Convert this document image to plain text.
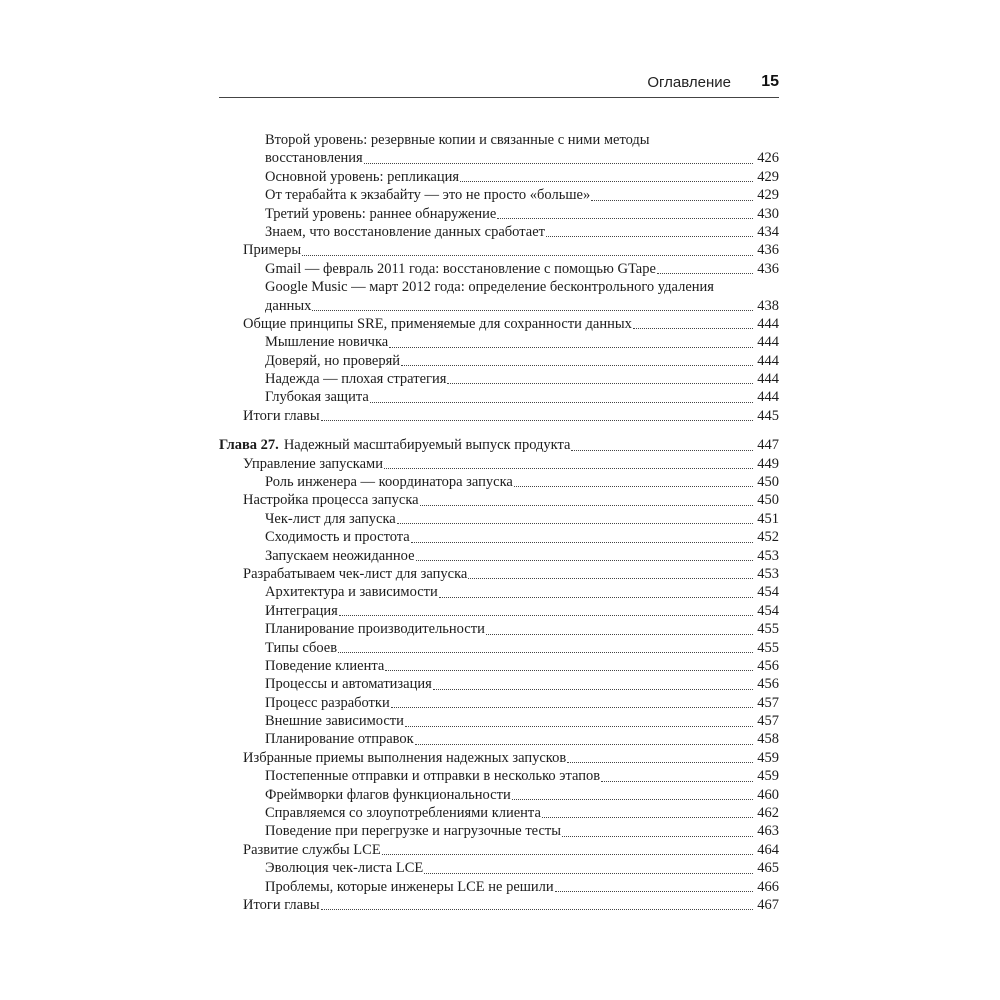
Оглавление 15
Второй уровень: резервные копии и связанные с ними методы
восстановления	426
Основной уровень: репликация	429
От терабайта к экзабайту — это не просто «больше»	429
Третий уровень: раннее обнаружение	430
Знаем, что восстановление данных сработает	434
Примеры	436
Gmail — февраль 2011 года: восстановление с помощью GTape	436
Google Music — март 2012 года: определение бесконтрольного удаления
данных	438
Общие принципы SRE, применяемые для сохранности данных	444
Мышление новичка	444
Доверяй, но проверяй	444
Надежда — плохая стратегия	444
Глубокая защита	444
Итоги главы	445
Глава 27. Надежный масштабируемый выпуск продукта	447
Управление запусками	449
Роль инженера — координатора запуска	450
Настройка процесса запуска	450
Чек-лист для запуска	451
Сходимость и простота	452
Запускаем неожиданное	453
Разрабатываем чек-лист для запуска	453
Архитектура и зависимости	454
Интеграция	454
Планирование производительности	455
Типы сбоев	455
Поведение клиента	456
Процессы и автоматизация	456
Процесс разработки	457
Внешние зависимости	457
Планирование отправок	458
Избранные приемы выполнения надежных запусков	459
Постепенные отправки и отправки в несколько этапов	459
Фреймворки флагов функциональности	460
Справляемся со злоупотреблениями клиента	462
Поведение при перегрузке и нагрузочные тесты	463
Развитие службы LCE	464
Эволюция чек-листа LCE	465
Проблемы, которые инженеры LCE не решили	466
Итоги главы	467
